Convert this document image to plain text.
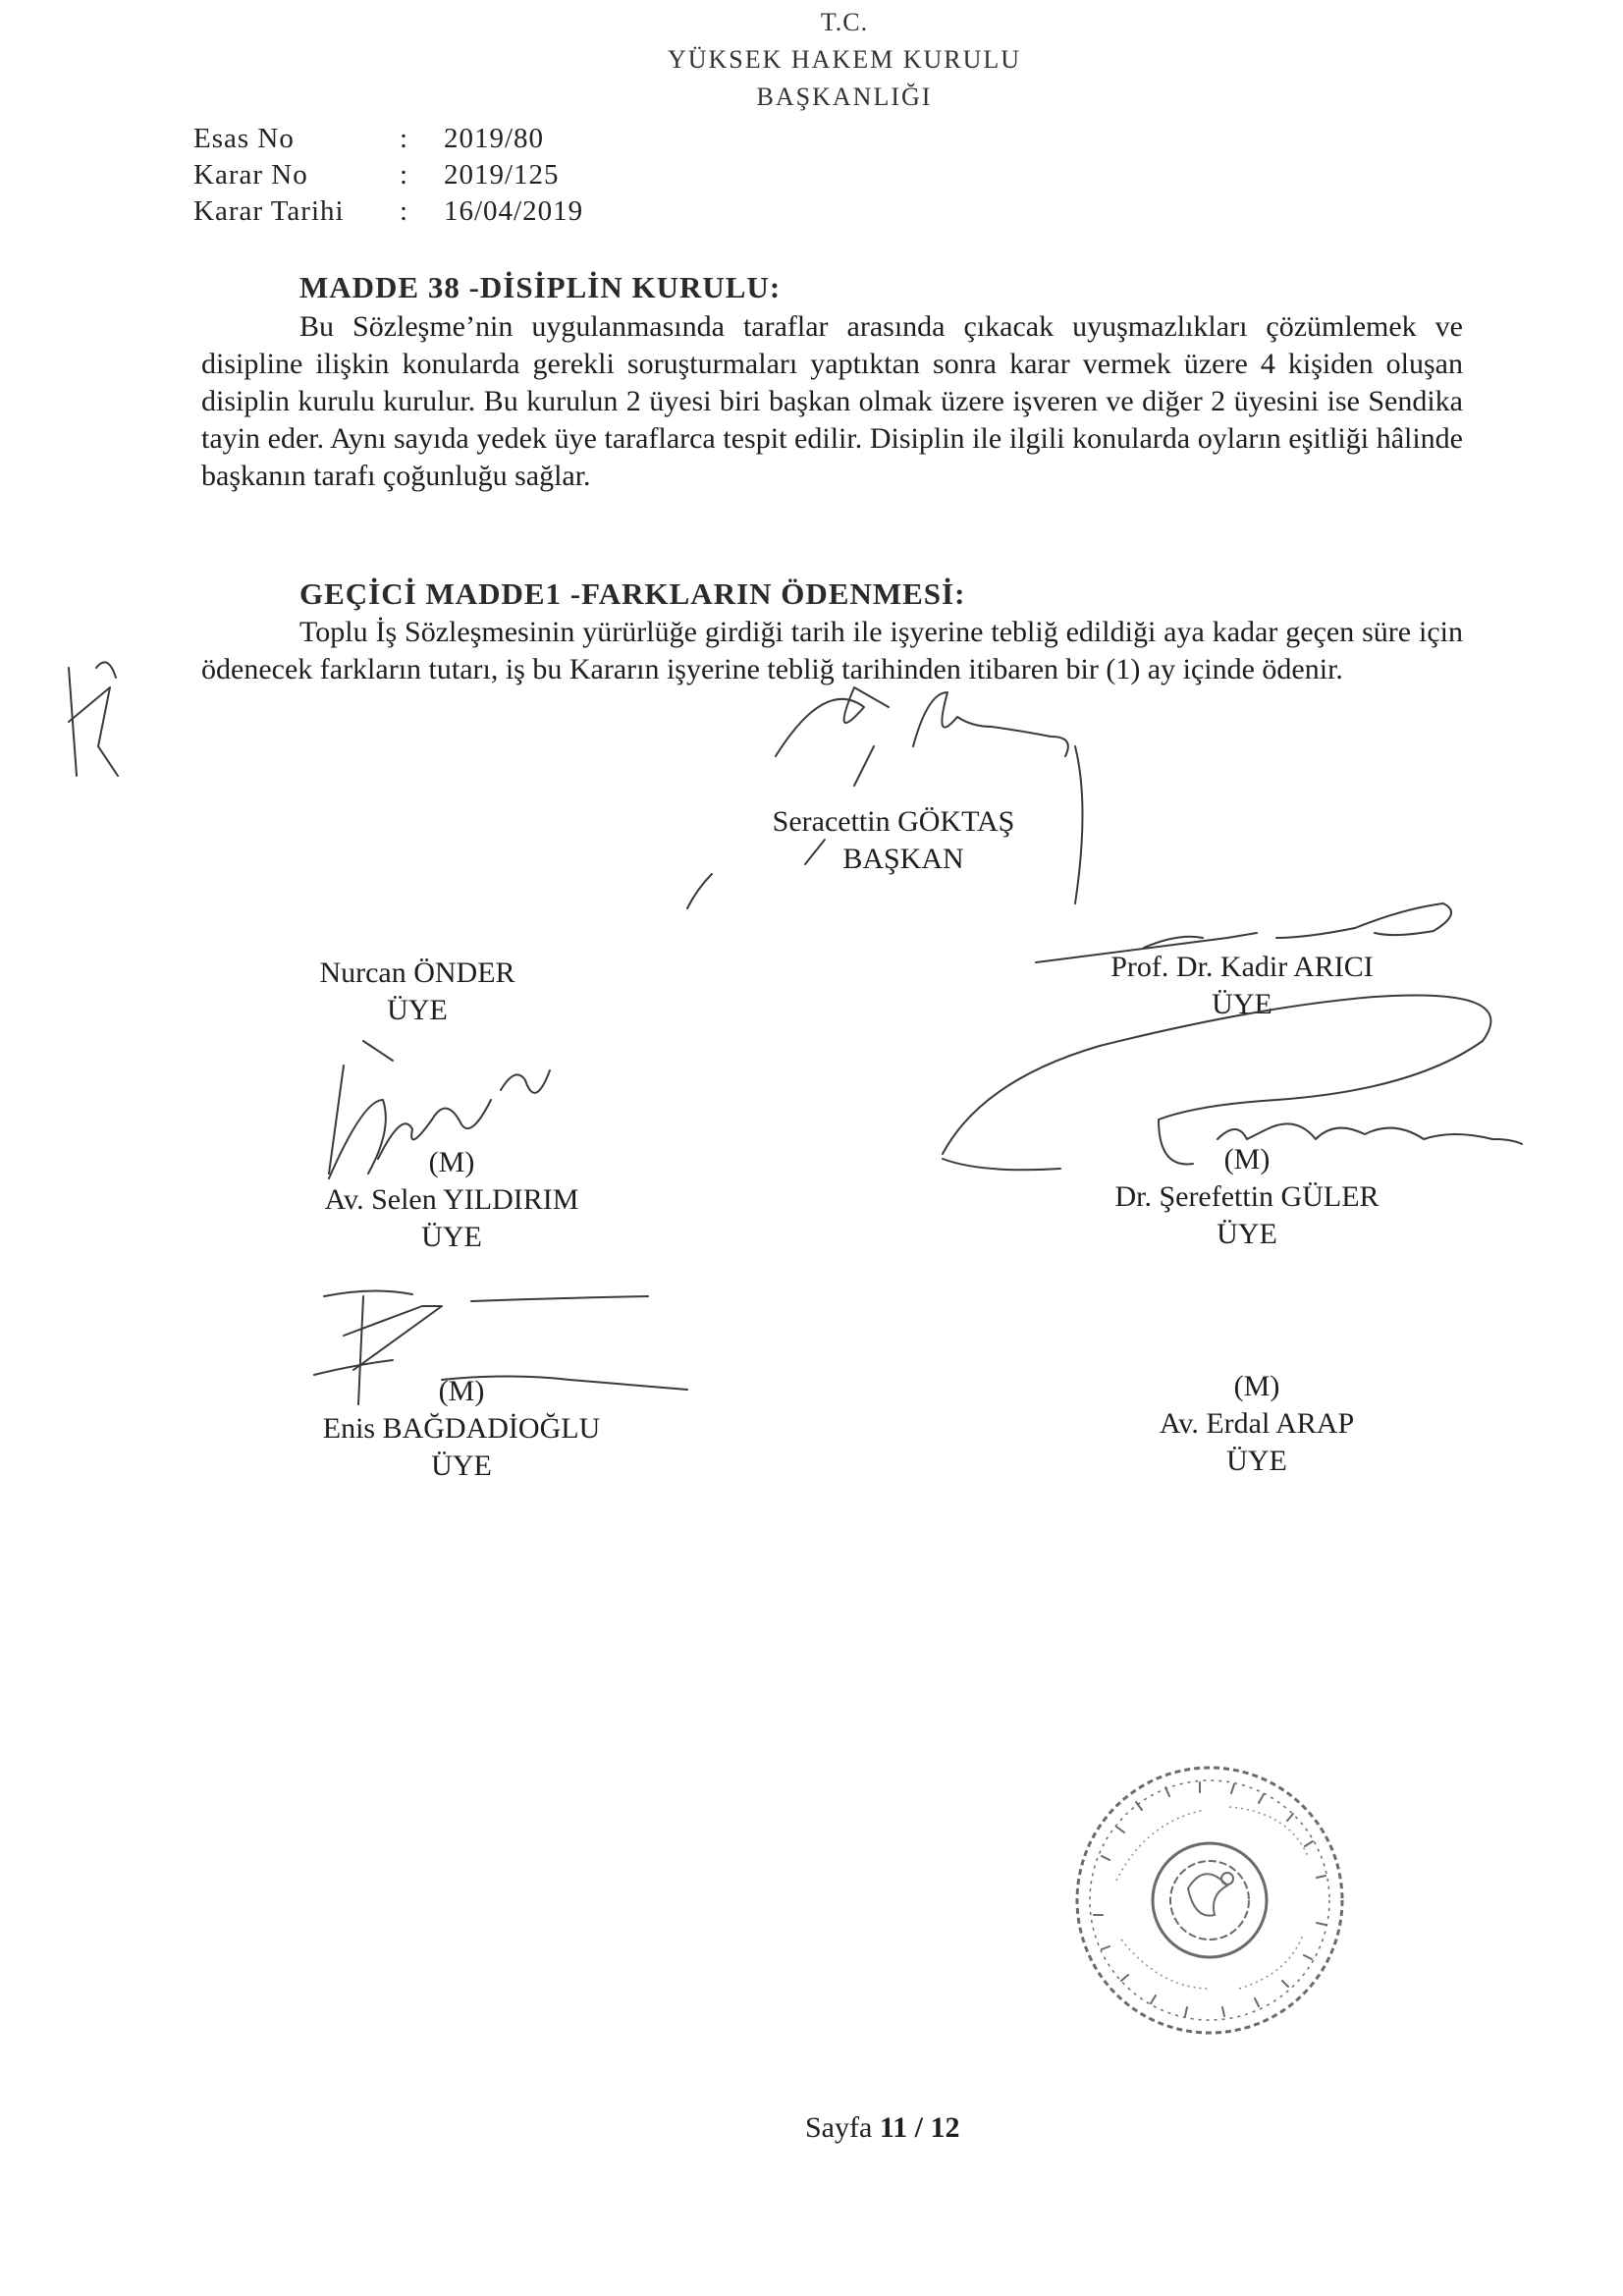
T.C.
YÜKSEK HAKEM KURULU
BAŞKANLIĞI
Esas No	: 2019/80
Karar No	: 2019/125
Karar Tarihi : 16/04/2019
MADDE 38 -DİSİPLİN KURULU:
Bu Sözleşme’nin uygulanmasında taraflar arasında çıkacak uyuşmazlıkları çözümlemek ve disipline ilişkin konularda gerekli soruşturmaları yaptıktan sonra karar vermek üzere 4 kişiden oluşan disiplin kurulu kurulur. Bu kurulun 2 üyesi biri başkan olmak üzere işveren ve diğer 2 üyesini ise Sendika tayin eder. Aynı sayıda yedek üye taraflarca tespit edilir. Disiplin ile ilgili konularda oyların eşitliği hâlinde başkanın tarafı çoğunluğu sağlar.
GEÇİCİ MADDE1 -FARKLARIN ÖDENMESİ:
Toplu İş Sözleşmesinin yürürlüğe girdiği tarih ile işyerine tebliğ edildiği aya kadar geçen süre için ödenecek farkların tutarı, iş bu Kararın işyerine tebliğ tarihinden itibaren bir (1) ay içinde ödenir.
Seracettin GÖKTAŞ
BAŞKAN
Nurcan ÖNDER
ÜYE
Prof. Dr. Kadir ARICI
ÜYE
(M)
Av. Selen YILDIRIM
ÜYE
(M)
Dr. Şerefettin GÜLER
ÜYE
(M)
Enis BAĞDADİOĞLU
ÜYE
(M)
Av. Erdal ARAP
ÜYE
Sayfa 11 / 12
